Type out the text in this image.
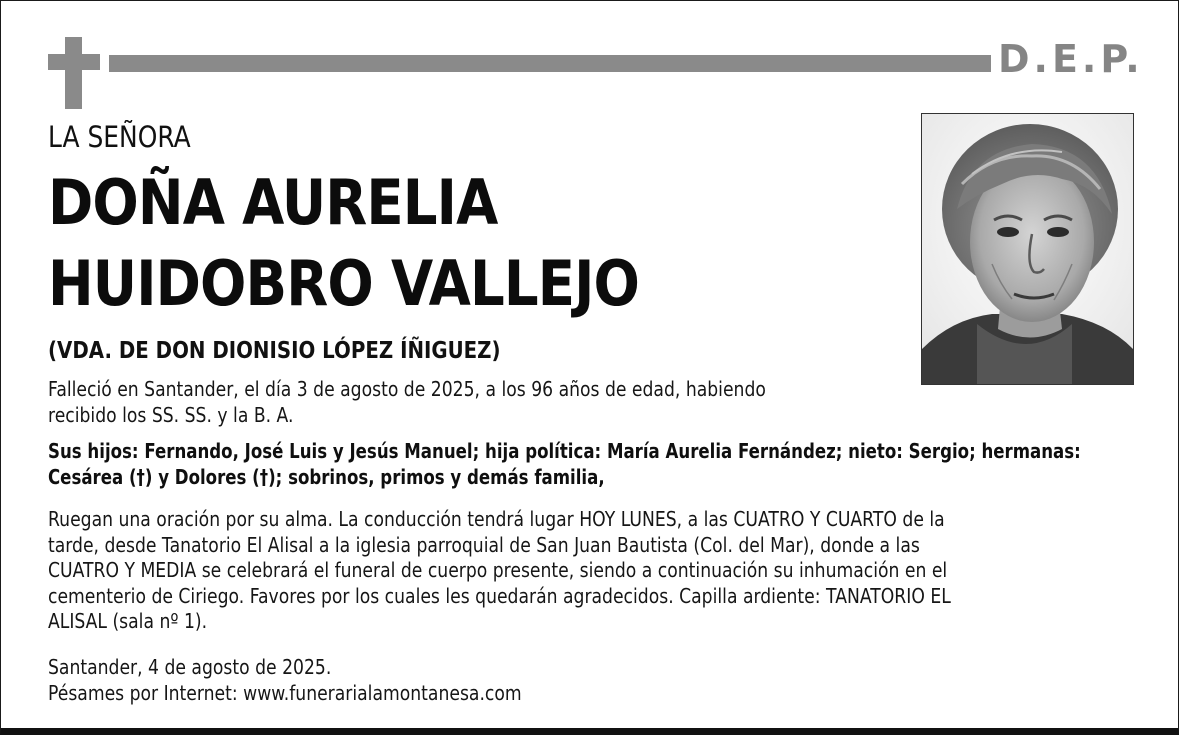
D.E.P.
LA SEÑORA
DOÑA AURELIA
HUIDOBRO VALLEJO
(VDA. DE DON DIONISIO LÓPEZ ÍÑIGUEZ)
Falleció en Santander, el día 3 de agosto de 2025, a los 96 años de edad, habiendo
recibido los SS. SS. y la B. A.
Sus hijos: Fernando, José Luis y Jesús Manuel; hija política: María Aurelia Fernández; nieto: Sergio; hermanas:
Cesárea (†) y Dolores (†); sobrinos, primos y demás familia,
Ruegan una oración por su alma. La conducción tendrá lugar HOY LUNES, a las CUATRO Y CUARTO de la
tarde, desde Tanatorio El Alisal a la iglesia parroquial de San Juan Bautista (Col. del Mar), donde a las
CUATRO Y MEDIA se celebrará el funeral de cuerpo presente, siendo a continuación su inhumación en el
cementerio de Ciriego. Favores por los cuales les quedarán agradecidos. Capilla ardiente: TANATORIO EL
ALISAL (sala nº 1).
Santander, 4 de agosto de 2025.
Pésames por Internet: www.funerarialamontanesa.com
